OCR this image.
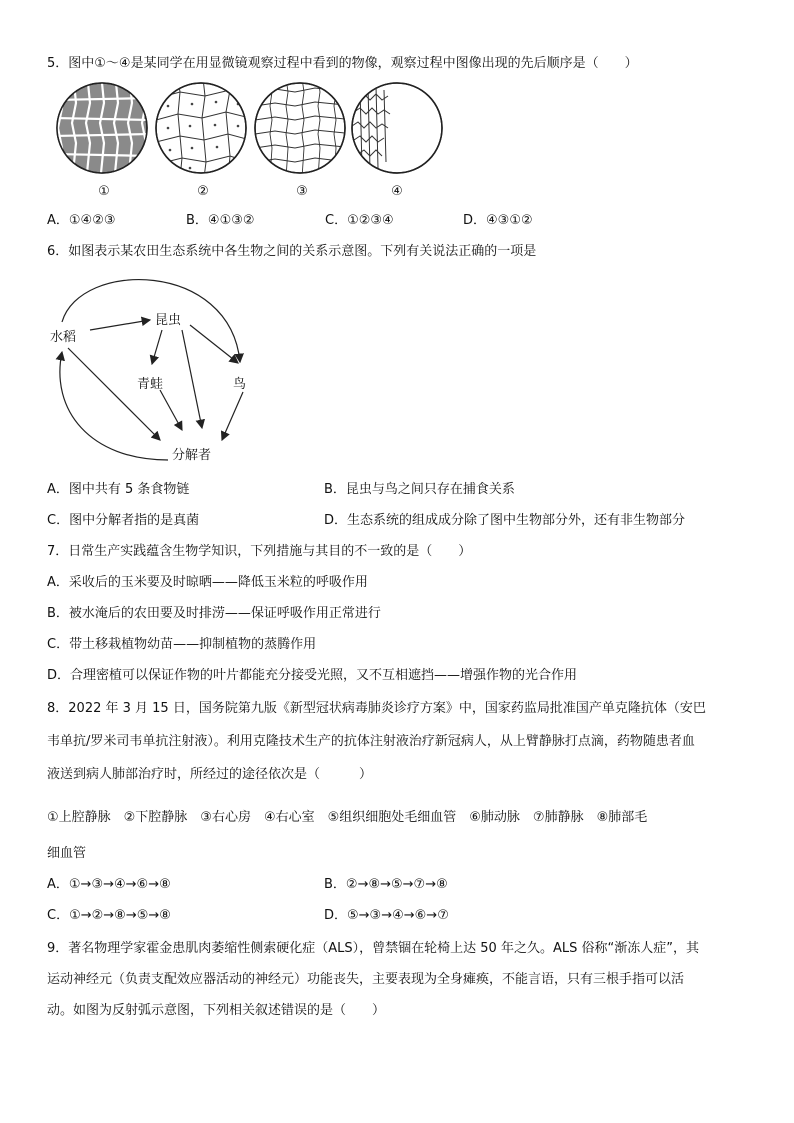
5．图中①～④是某同学在用显微镜观察过程中看到的物像，观察过程中图像出现的先后顺序是（　　）
①	②	③	④
A．①④②③	B．④①③②	C．①②③④	D．④③①②
6．如图表示某农田生态系统中各生物之间的关系示意图。下列有关说法正确的一项是
水稻
昆虫
青蛙	鸟
分解者
A．图中共有 5 条食物链	B．昆虫与鸟之间只存在捕食关系
C．图中分解者指的是真菌	D．生态系统的组成成分除了图中生物部分外，还有非生物部分
7．日常生产实践蕴含生物学知识，下列措施与其目的不一致的是（　　）
A．采收后的玉米要及时晾晒——降低玉米粒的呼吸作用
B．被水淹后的农田要及时排涝——保证呼吸作用正常进行
C．带土移栽植物幼苗——抑制植物的蒸腾作用
D．合理密植可以保证作物的叶片都能充分接受光照，又不互相遮挡——增强作物的光合作用
8．2022 年 3 月 15 日，国务院第九版《新型冠状病毒肺炎诊疗方案》中，国家药监局批准国产单克隆抗体（安巴
韦单抗/罗米司韦单抗注射液）。利用克隆技术生产的抗体注射液治疗新冠病人，从上臂静脉打点滴，药物随患者血
液送到病人肺部治疗时，所经过的途径依次是（　　　）
①上腔静脉　②下腔静脉　③右心房　④右心室　⑤组织细胞处毛细血管　⑥肺动脉　⑦肺静脉　⑧肺部毛
细血管
A．①→③→④→⑥→⑧	B．②→⑧→⑤→⑦→⑧
C．①→②→⑧→⑤→⑧	D．⑤→③→④→⑥→⑦
9．著名物理学家霍金患肌肉萎缩性侧索硬化症（ALS），曾禁锢在轮椅上达 50 年之久。ALS 俗称“渐冻人症”，其
运动神经元（负责支配效应器活动的神经元）功能丧失，主要表现为全身瘫痪，不能言语，只有三根手指可以活
动。如图为反射弧示意图，下列相关叙述错误的是（　　）
